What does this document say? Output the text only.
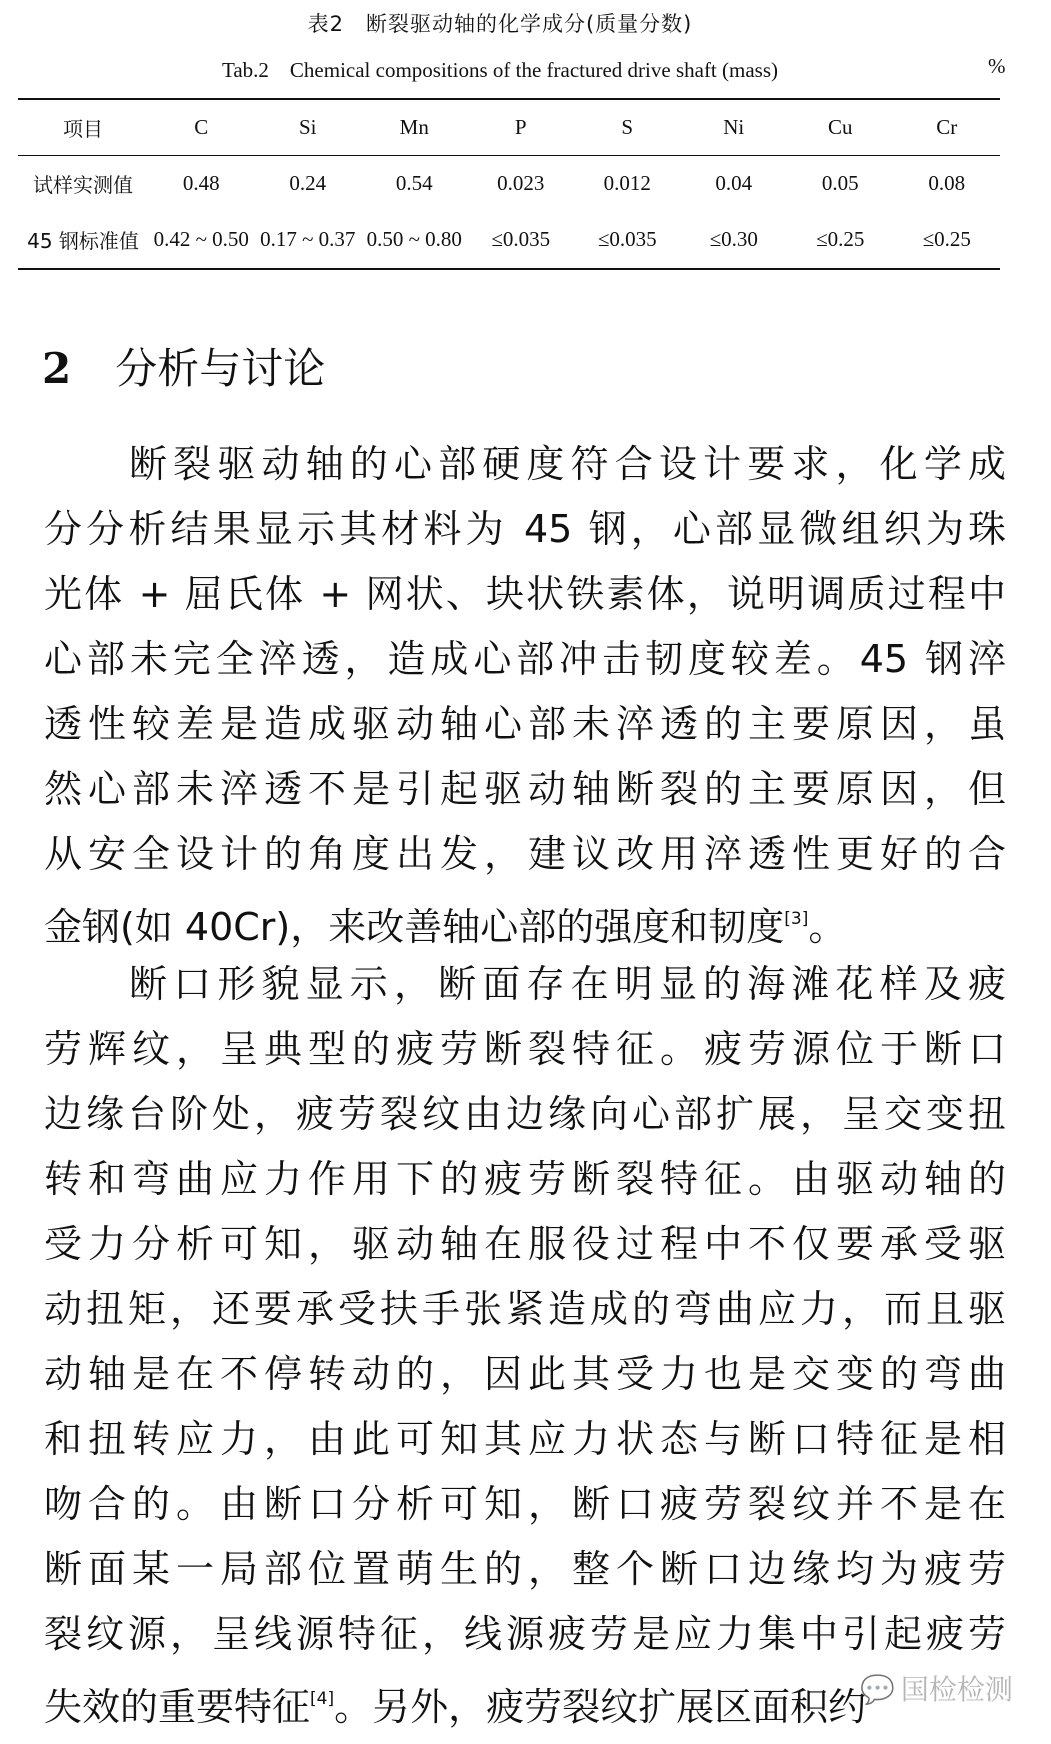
表2　断裂驱动轴的化学成分(质量分数)
Tab.2　Chemical compositions of the fractured drive shaft (mass)	%
项目	C	Si	Mn	P	S	Ni	Cu	Cr
试样实测值	0.48	0.24	0.54	0.023	0.012	0.04	0.05	0.08
45 钢标准值	0.42 ~ 0.50	0.17 ~ 0.37	0.50 ~ 0.80	≤0.035	≤0.035	≤0.30	≤0.25	≤0.25
2 分析与讨论
断裂驱动轴的心部硬度符合设计要求，化学成
分分析结果显示其材料为 45 钢，心部显微组织为珠
光体 + 屈氏体 + 网状、块状铁素体，说明调质过程中
心部未完全淬透，造成心部冲击韧度较差。45 钢淬
透性较差是造成驱动轴心部未淬透的主要原因，虽
然心部未淬透不是引起驱动轴断裂的主要原因，但
从安全设计的角度出发，建议改用淬透性更好的合
金钢(如 40Cr)，来改善轴心部的强度和韧度[3]。
断口形貌显示，断面存在明显的海滩花样及疲
劳辉纹，呈典型的疲劳断裂特征。疲劳源位于断口
边缘台阶处，疲劳裂纹由边缘向心部扩展，呈交变扭
转和弯曲应力作用下的疲劳断裂特征。由驱动轴的
受力分析可知，驱动轴在服役过程中不仅要承受驱
动扭矩，还要承受扶手张紧造成的弯曲应力，而且驱
动轴是在不停转动的，因此其受力也是交变的弯曲
和扭转应力，由此可知其应力状态与断口特征是相
吻合的。由断口分析可知，断口疲劳裂纹并不是在
断面某一局部位置萌生的，整个断口边缘均为疲劳
裂纹源，呈线源特征，线源疲劳是应力集中引起疲劳
失效的重要特征[4]。另外，疲劳裂纹扩展区面积约
💬 国检检测
